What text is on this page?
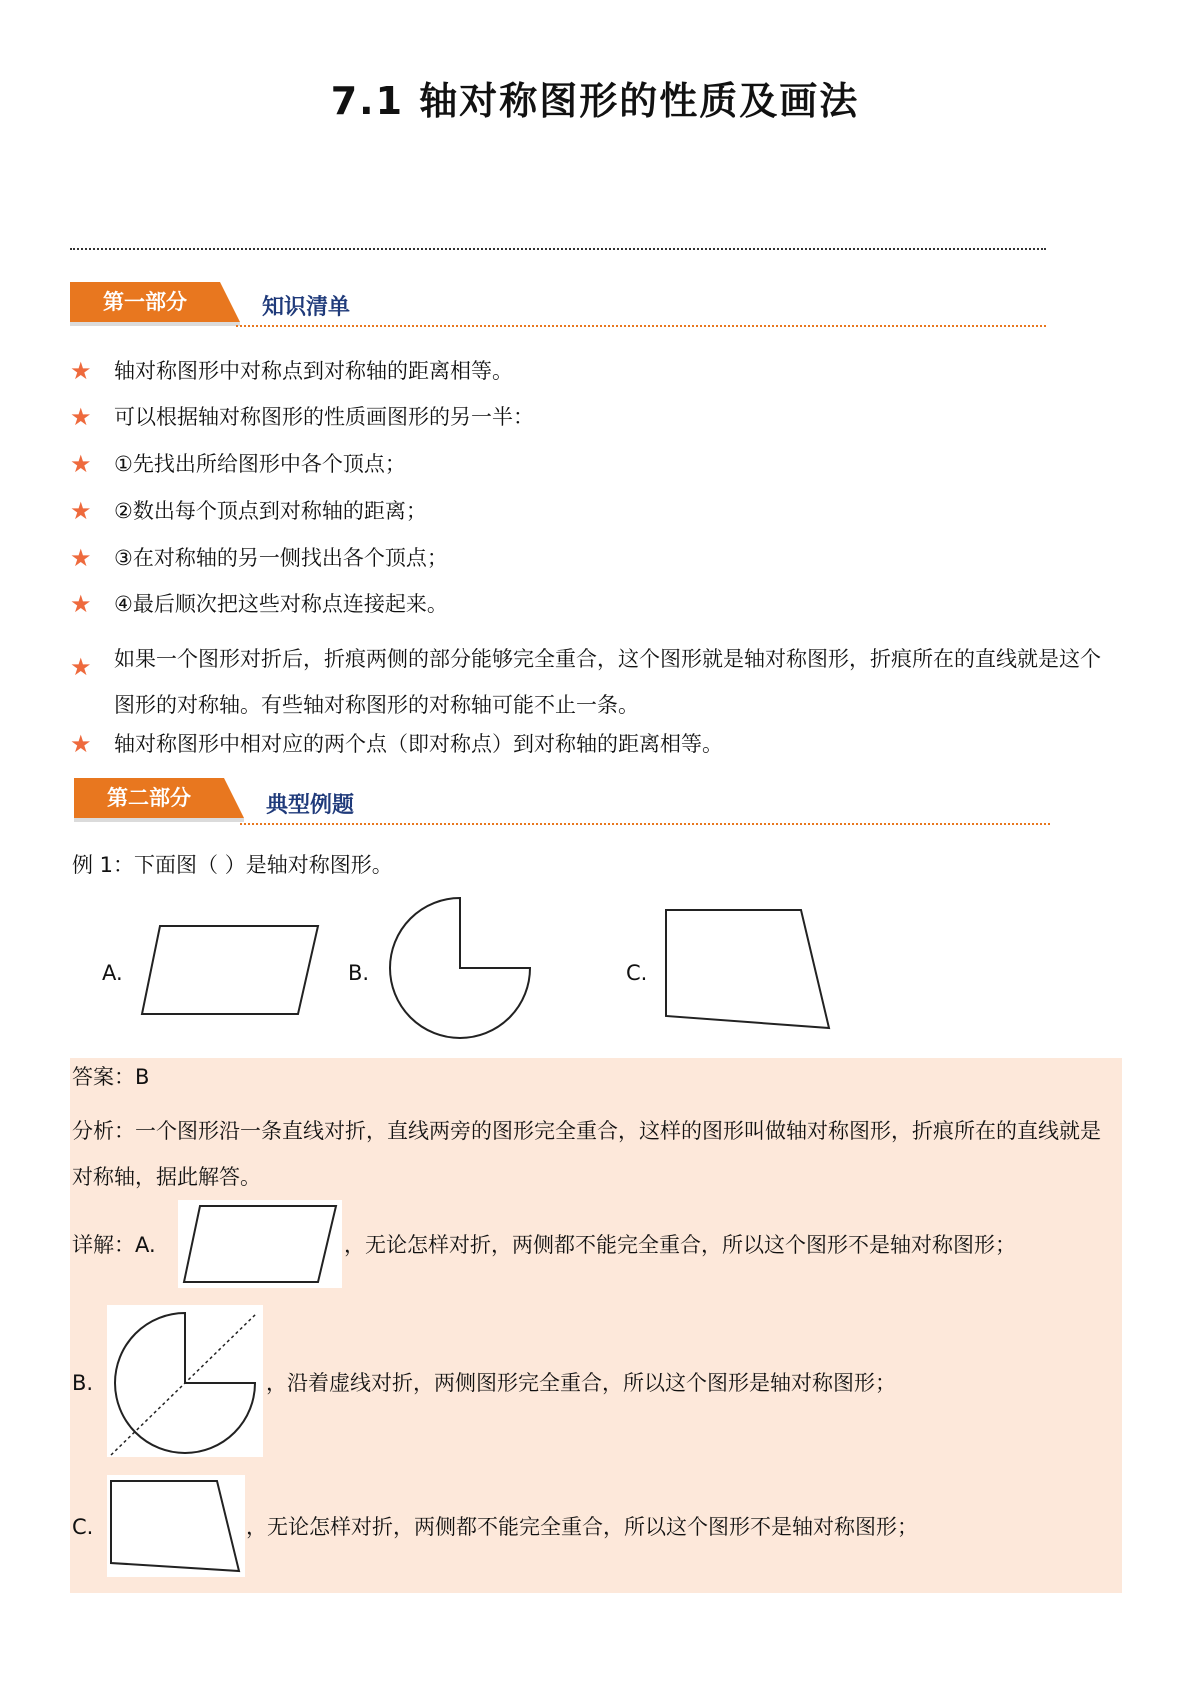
7.1 轴对称图形的性质及画法
第一部分	知识清单
★ 轴对称图形中对称点到对称轴的距离相等。
★ 可以根据轴对称图形的性质画图形的另一半：
★ ①先找出所给图形中各个顶点；
★ ②数出每个顶点到对称轴的距离；
★ ③在对称轴的另一侧找出各个顶点；
★ ④最后顺次把这些对称点连接起来。
★ 如果一个图形对折后，折痕两侧的部分能够完全重合，这个图形就是轴对称图形，折痕所在的直线就是这个图形的对称轴。有些轴对称图形的对称轴可能不止一条。
★ 轴对称图形中相对应的两个点（即对称点）到对称轴的距离相等。
第二部分	典型例题
例 1：下面图（ ）是轴对称图形。
A.	B.	C.
答案：B
分析：一个图形沿一条直线对折，直线两旁的图形完全重合，这样的图形叫做轴对称图形，折痕所在的直线就是对称轴，据此解答。
详解：A.	，无论怎样对折，两侧都不能完全重合，所以这个图形不是轴对称图形；
B.	，沿着虚线对折，两侧图形完全重合，所以这个图形是轴对称图形；
C.	，无论怎样对折，两侧都不能完全重合，所以这个图形不是轴对称图形；
